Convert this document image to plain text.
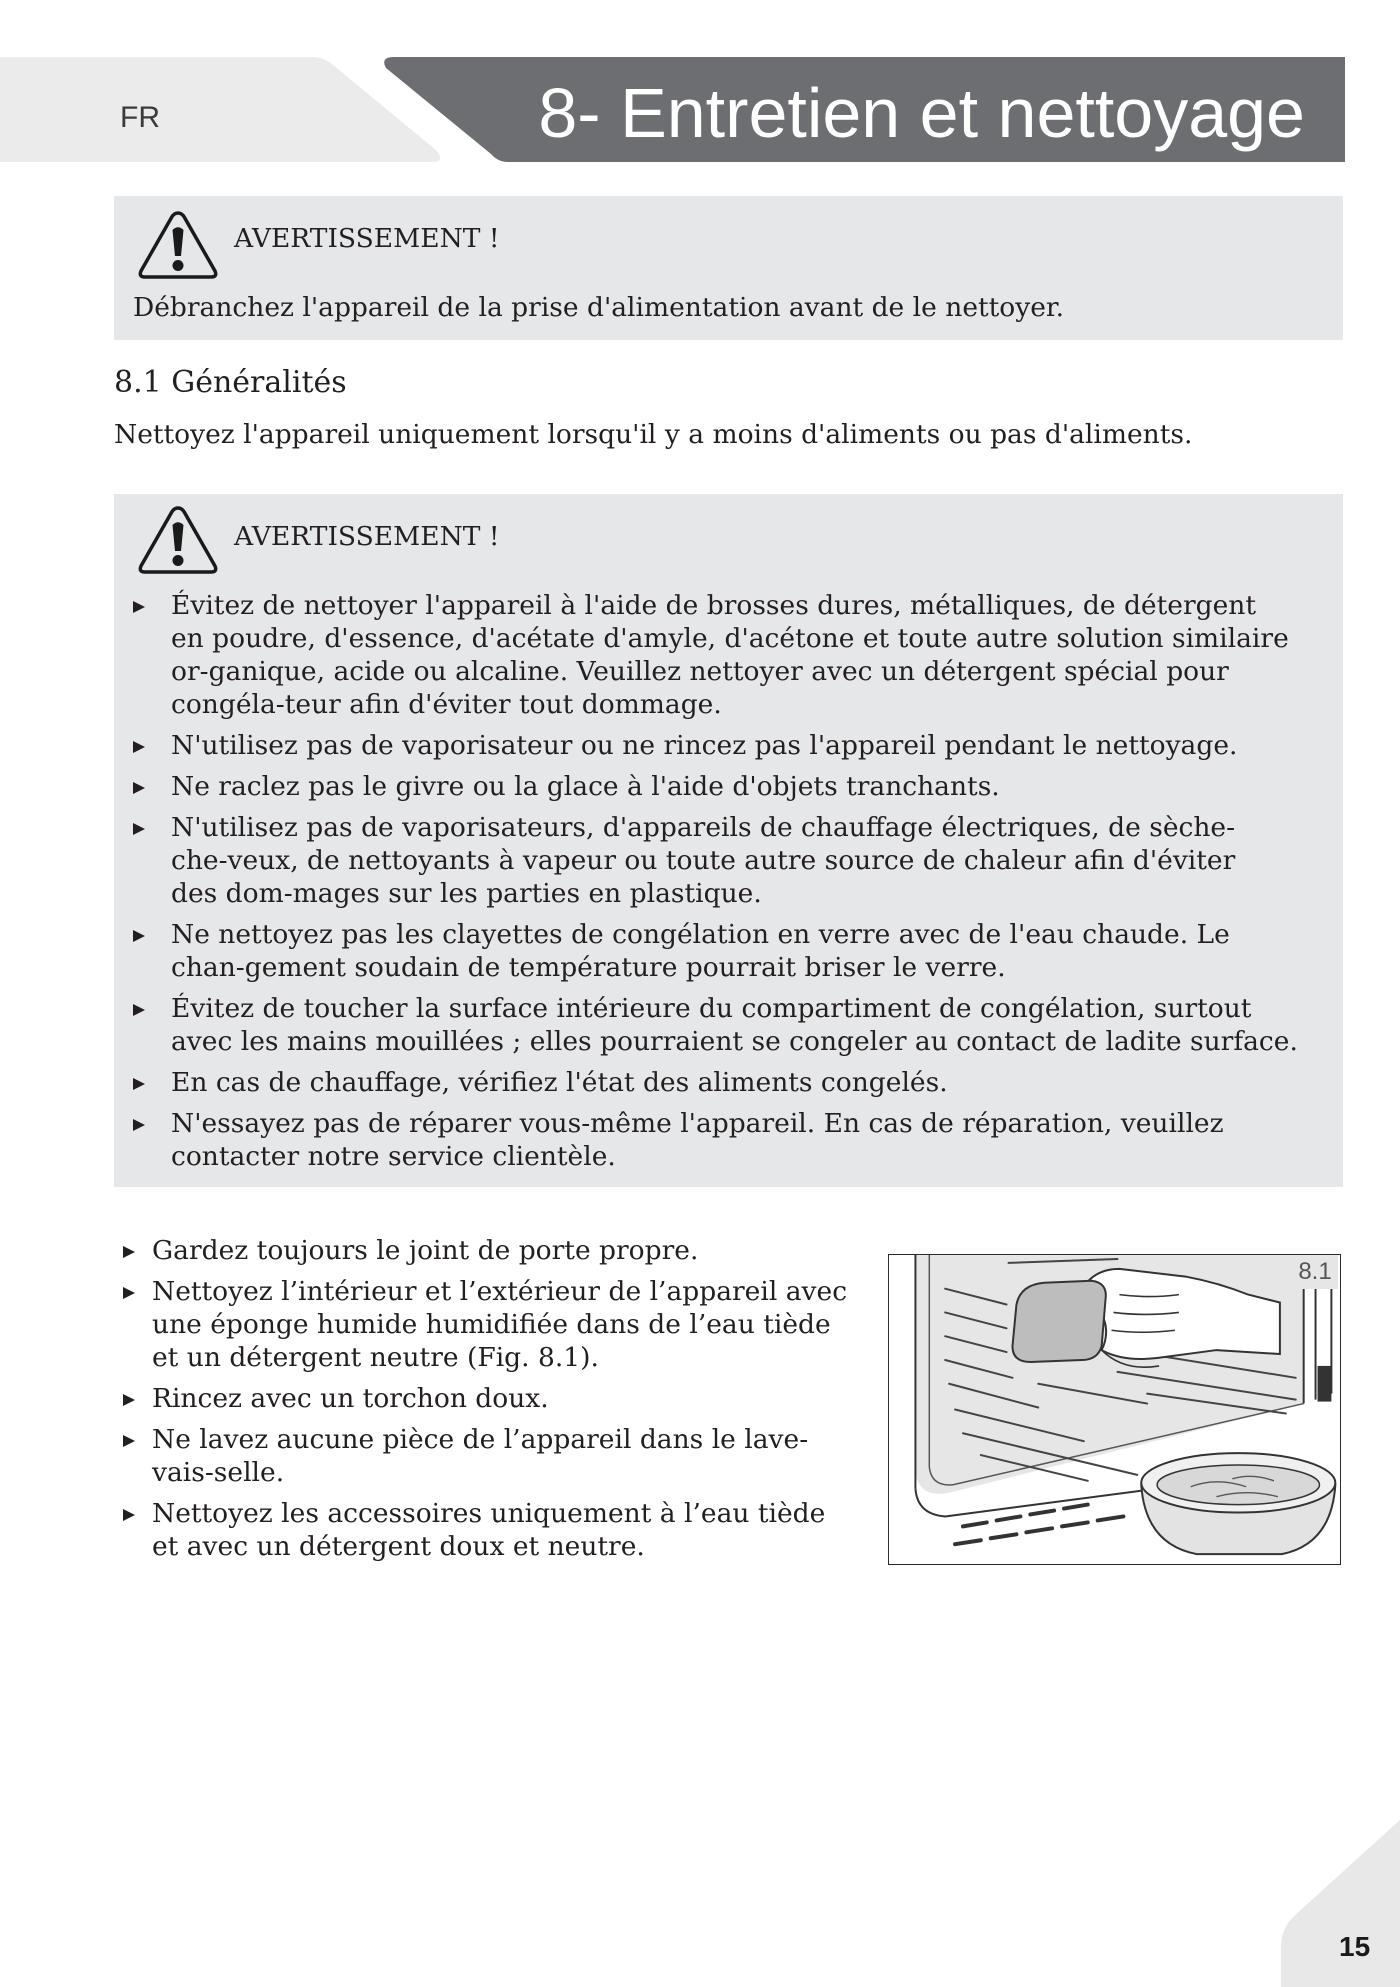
FR	8- Entretien et nettoyage
AVERTISSEMENT !
Débranchez l'appareil de la prise d'alimentation avant de le nettoyer.
8.1 Généralités
Nettoyez l'appareil uniquement lorsqu'il y a moins d'aliments ou pas d'aliments.
AVERTISSEMENT !
Évitez de nettoyer l'appareil à l'aide de brosses dures, métalliques, de détergent
en poudre, d'essence, d'acétate d'amyle, d'acétone et toute autre solution similaire
or-ganique, acide ou alcaline. Veuillez nettoyer avec un détergent spécial pour
congéla-teur afin d'éviter tout dommage.
N'utilisez pas de vaporisateur ou ne rincez pas l'appareil pendant le nettoyage.
Ne raclez pas le givre ou la glace à l'aide d'objets tranchants.
N'utilisez pas de vaporisateurs, d'appareils de chauffage électriques, de sèche-
che-veux, de nettoyants à vapeur ou toute autre source de chaleur afin d'éviter
des dom-mages sur les parties en plastique.
Ne nettoyez pas les clayettes de congélation en verre avec de l'eau chaude. Le
chan-gement soudain de température pourrait briser le verre.
Évitez de toucher la surface intérieure du compartiment de congélation, surtout
avec les mains mouillées ; elles pourraient se congeler au contact de ladite surface.
En cas de chauffage, vérifiez l'état des aliments congelés.
N'essayez pas de réparer vous-même l'appareil. En cas de réparation, veuillez
contacter notre service clientèle.
Gardez toujours le joint de porte propre.
Nettoyez l’intérieur et l’extérieur de l’appareil avec
une éponge humide humidifiée dans de l’eau tiède
et un détergent neutre (Fig. 8.1).
Rincez avec un torchon doux.
Ne lavez aucune pièce de l’appareil dans le lave-
vais-selle.
Nettoyez les accessoires uniquement à l’eau tiède
et avec un détergent doux et neutre.
8.1
15
